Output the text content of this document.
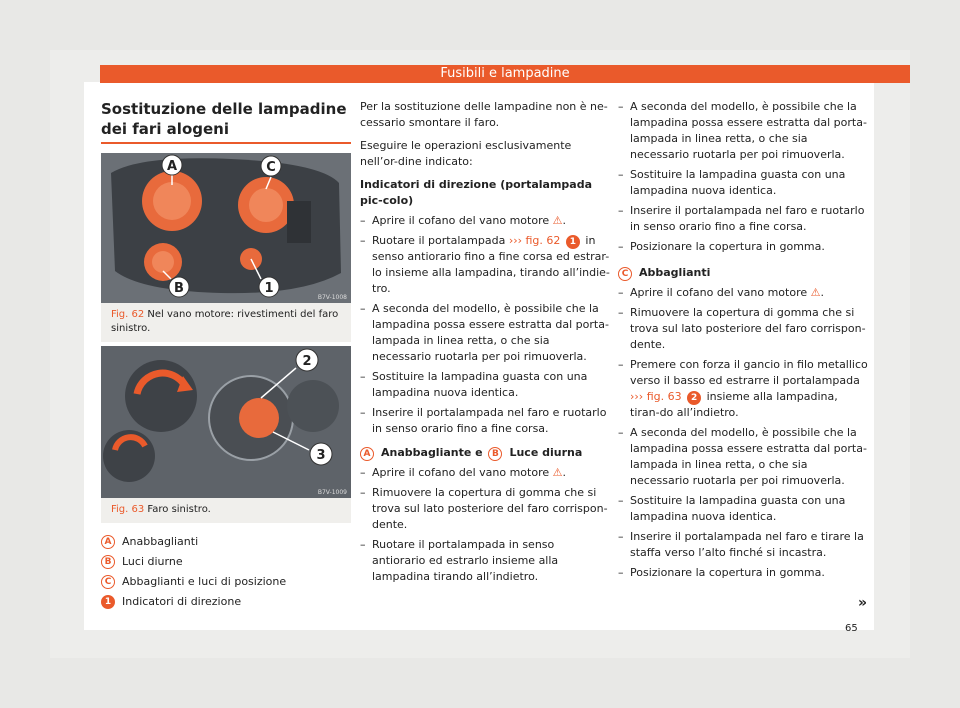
Fusibili e lampadine
Sostituzione delle lampadine dei fari alogeni
A	C
B	1
B7V-1008
Fig. 62 Nel vano motore: rivestimenti del faro sinistro.
2
3
B7V-1009
Fig. 63 Faro sinistro.
A Anabbaglianti
B Luci diurne
C Abbaglianti e luci di posizione
1 Indicatori di direzione

Per la sostituzione delle lampadine non è ne-cessario smontare il faro.

Eseguire le operazioni esclusivamente nell’or-dine indicato:

Indicatori di direzione (portalampada pic-colo)

– Aprire il cofano del vano motore ⚠.
– Ruotare il portalampada ››› fig. 62 1 in senso antiorario fino a fine corsa ed estrar-lo insieme alla lampadina, tirando all’indie-tro.
– A seconda del modello, è possibile che la lampadina possa essere estratta dal porta-lampada in linea retta, o che sia necessario ruotarla per poi rimuoverla.
– Sostituire la lampadina guasta con una lampadina nuova identica.
– Inserire il portalampada nel faro e ruotarlo in senso orario fino a fine corsa.

A Anabbagliante e B Luce diurna

– Aprire il cofano del vano motore ⚠.
– Rimuovere la copertura di gomma che si trova sul lato posteriore del faro corrispon-dente.
– Ruotare il portalampada in senso antiorario ed estrarlo insieme alla lampadina tirando all’indietro.
– A seconda del modello, è possibile che la lampadina possa essere estratta dal porta-lampada in linea retta, o che sia necessario ruotarla per poi rimuoverla.
– Sostituire la lampadina guasta con una lampadina nuova identica.
– Inserire il portalampada nel faro e ruotarlo in senso orario fino a fine corsa.
– Posizionare la copertura in gomma.

C Abbaglianti

– Aprire il cofano del vano motore ⚠.
– Rimuovere la copertura di gomma che si trova sul lato posteriore del faro corrispon-dente.
– Premere con forza il gancio in filo metallico verso il basso ed estrarre il portalampada ››› fig. 63 2 insieme alla lampadina, tiran-do all’indietro.
– A seconda del modello, è possibile che la lampadina possa essere estratta dal porta-lampada in linea retta, o che sia necessario ruotarla per poi rimuoverla.
– Sostituire la lampadina guasta con una lampadina nuova identica.
– Inserire il portalampada nel faro e tirare la staffa verso l’alto finché si incastra.
– Posizionare la copertura in gomma.
»
65
